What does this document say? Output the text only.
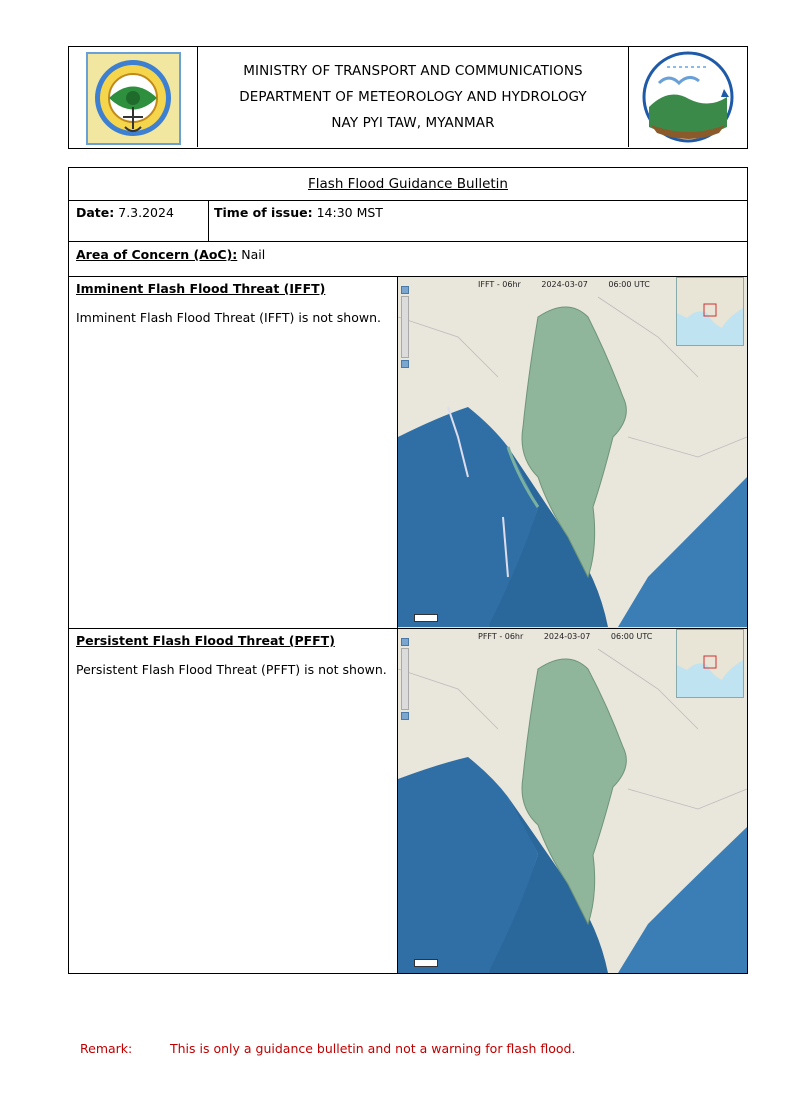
MINISTRY OF TRANSPORT AND COMMUNICATIONS
DEPARTMENT OF METEOROLOGY AND HYDROLOGY
NAY PYI TAW, MYANMAR
Flash Flood Guidance Bulletin
Date: 7.3.2024	Time of issue: 14:30 MST
Area of Concern (AoC): Nail
Imminent Flash Flood Threat (IFFT)
Imminent Flash Flood Threat (IFFT) is not shown.
IFFT - 06hr	2024-03-07	06:00 UTC
Persistent Flash Flood Threat (PFFT)
Persistent Flash Flood Threat (PFFT) is not shown.
PFFT - 06hr	2024-03-07	06:00 UTC
Remark:	This is only a guidance bulletin and not a warning for flash flood.
